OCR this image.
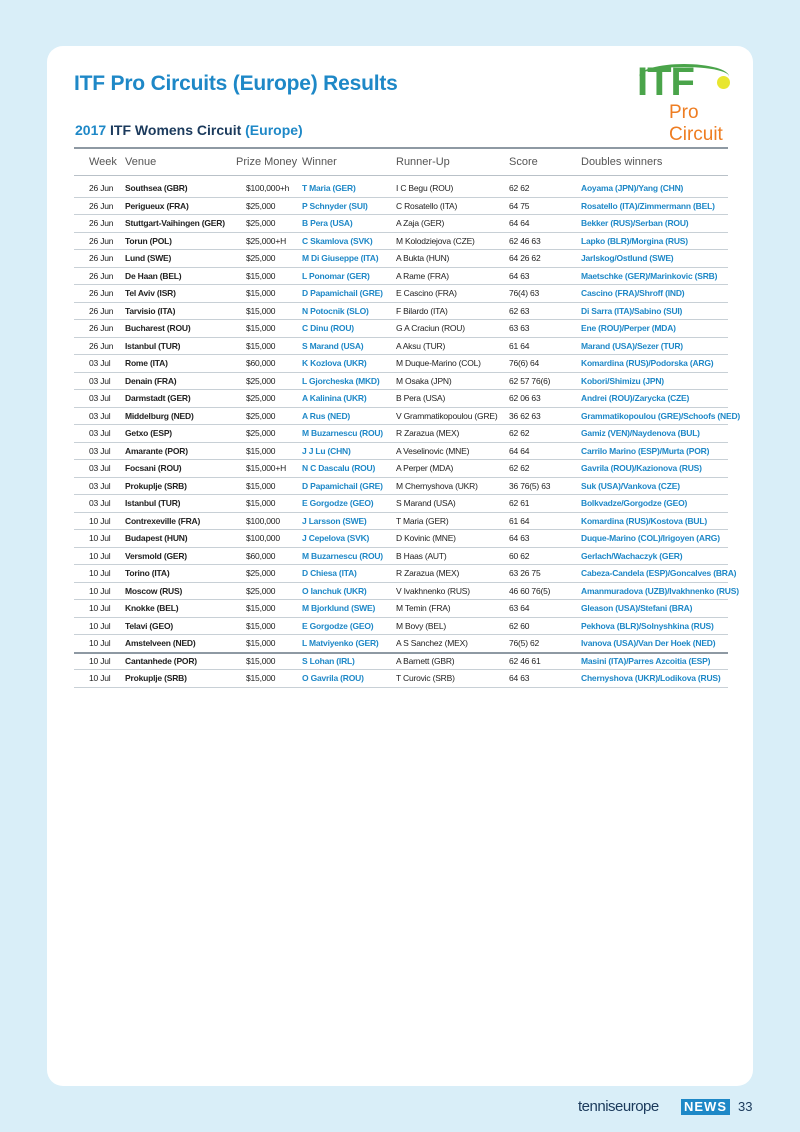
ITF Pro Circuits (Europe) Results	ITF
Pro Circuit
2017 ITF Womens Circuit (Europe)
Week Venue	Prize Money Winner	Runner-Up	Score	Doubles winners
26 Jun Southsea (GBR)	$100,000+h T Maria (GER)	I C Begu (ROU)	62 62	Aoyama (JPN)/Yang (CHN)
26 Jun Perigueux (FRA)	$25,000	P Schnyder (SUI)	C Rosatello (ITA)	64 75	Rosatello (ITA)/Zimmermann (BEL)
26 Jun Stuttgart-Vaihingen (GER) $25,000	B Pera (USA)	A Zaja (GER)	64 64	Bekker (RUS)/Serban (ROU)
26 Jun Torun (POL)	$25,000+H C Skamlova (SVK)	M Kolodziejova (CZE)	62 46 63	Lapko (BLR)/Morgina (RUS)
26 Jun Lund (SWE)	$25,000	M Di Giuseppe (ITA) A Bukta (HUN)	64 26 62	Jarlskog/Ostlund (SWE)
26 Jun De Haan (BEL)	$15,000	L Ponomar (GER)	A Rame (FRA)	64 63	Maetschke (GER)/Marinkovic (SRB)
26 Jun Tel Aviv (ISR)	$15,000	D Papamichail (GRE) E Cascino (FRA)	76(4) 63	Cascino (FRA)/Shroff (IND)
26 Jun Tarvisio (ITA)	$15,000	N Potocnik (SLO)	F Bilardo (ITA)	62 63	Di Sarra (ITA)/Sabino (SUI)
26 Jun Bucharest (ROU)	$15,000	C Dinu (ROU)	G A Craciun (ROU)	63 63	Ene (ROU)/Perper (MDA)
26 Jun Istanbul (TUR)	$15,000	S Marand (USA)	A Aksu (TUR)	61 64	Marand (USA)/Sezer (TUR)
03 Jul Rome (ITA)	$60,000	K Kozlova (UKR)	M Duque-Marino (COL)	76(6) 64	Komardina (RUS)/Podorska (ARG)
03 Jul Denain (FRA)	$25,000	L Gjorcheska (MKD) M Osaka (JPN)	62 57 76(6)	Kobori/Shimizu (JPN)
03 Jul Darmstadt (GER)	$25,000	A Kalinina (UKR)	B Pera (USA)	62 06 63	Andrei (ROU)/Zarycka (CZE)
03 Jul Middelburg (NED)	$25,000	A Rus (NED)	V Grammatikopoulou (GRE) 36 62 63	Grammatikopoulou (GRE)/Schoofs (NED)
03 Jul Getxo (ESP)	$25,000	M Buzarnescu (ROU) R Zarazua (MEX)	62 62	Gamiz (VEN)/Naydenova (BUL)
03 Jul Amarante (POR)	$15,000	J J Lu (CHN)	A Veselinovic (MNE)	64 64	Carrilo Marino (ESP)/Murta (POR)
03 Jul Focsani (ROU)	$15,000+H N C Dascalu (ROU) A Perper (MDA)	62 62	Gavrila (ROU)/Kazionova (RUS)
03 Jul Prokuplje (SRB)	$15,000	D Papamichail (GRE) M Chernyshova (UKR)	36 76(5) 63	Suk (USA)/Vankova (CZE)
03 Jul Istanbul (TUR)	$15,000	E Gorgodze (GEO)	S Marand (USA)	62 61	Bolkvadze/Gorgodze (GEO)
10 Jul Contrexeville (FRA)	$100,000	J Larsson (SWE)	T Maria (GER)	61 64	Komardina (RUS)/Kostova (BUL)
10 Jul Budapest (HUN)	$100,000	J Cepelova (SVK)	D Kovinic (MNE)	64 63	Duque-Marino (COL)/Irigoyen (ARG)
10 Jul Versmold (GER)	$60,000	M Buzarnescu (ROU) B Haas (AUT)	60 62	Gerlach/Wachaczyk (GER)
10 Jul Torino (ITA)	$25,000	D Chiesa (ITA)	R Zarazua (MEX)	63 26 75	Cabeza-Candela (ESP)/Goncalves (BRA)
10 Jul Moscow (RUS)	$25,000	O Ianchuk (UKR)	V Ivakhnenko (RUS)	46 60 76(5)	Amanmuradova (UZB)/Ivakhnenko (RUS)
10 Jul Knokke (BEL)	$15,000	M Bjorklund (SWE) M Temin (FRA)	63 64	Gleason (USA)/Stefani (BRA)
10 Jul Telavi (GEO)	$15,000	E Gorgodze (GEO)	M Bovy (BEL)	62 60	Pekhova (BLR)/Solnyshkina (RUS)
10 Jul Amstelveen (NED)	$15,000	L Matviyenko (GER) A S Sanchez (MEX)	76(5) 62	Ivanova (USA)/Van Der Hoek (NED)
10 Jul Cantanhede (POR)	$15,000	S Lohan (IRL)	A Barnett (GBR)	62 46 61	Masini (ITA)/Parres Azcoitia (ESP)
10 Jul Prokuplje (SRB)	$15,000	O Gavrila (ROU)	T Curovic (SRB)	64 63	Chernyshova (UKR)/Lodikova (RUS)
tenniseurope NEWS 33
